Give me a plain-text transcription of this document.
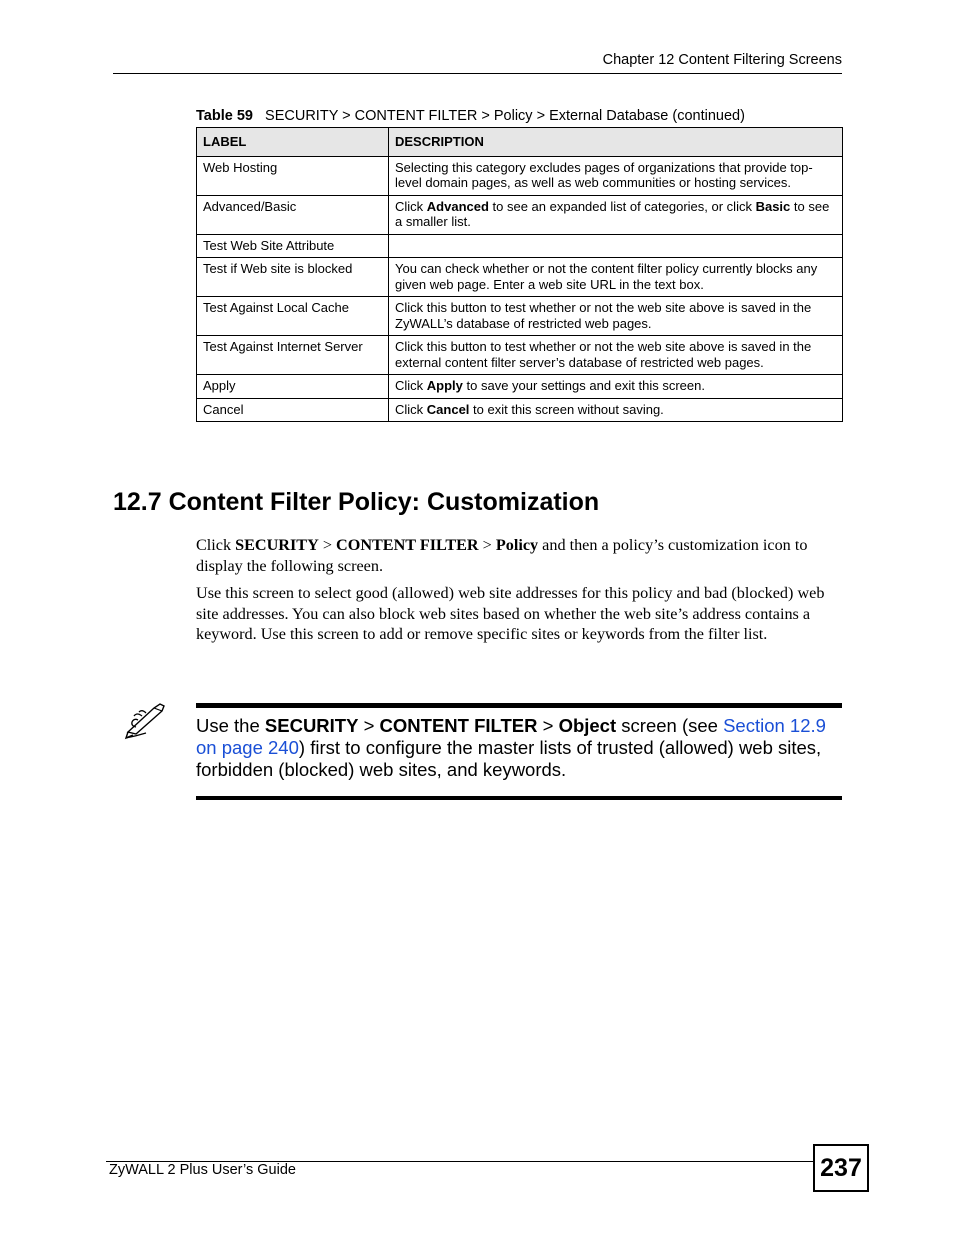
Chapter 12 Content Filtering Screens
Table 59 SECURITY > CONTENT FILTER > Policy > External Database (continued)
LABEL	DESCRIPTION
Web Hosting	Selecting this category excludes pages of organizations that provide top-level domain pages, as well as web communities or hosting services.
Advanced/Basic	Click Advanced to see an expanded list of categories, or click Basic to see a smaller list.
Test Web Site Attribute	
Test if Web site is blocked	You can check whether or not the content filter policy currently blocks any given web page. Enter a web site URL in the text box.
Test Against Local Cache	Click this button to test whether or not the web site above is saved in the ZyWALL’s database of restricted web pages.
Test Against Internet Server	Click this button to test whether or not the web site above is saved in the external content filter server’s database of restricted web pages.
Apply	Click Apply to save your settings and exit this screen.
Cancel	Click Cancel to exit this screen without saving.
12.7 Content Filter Policy: Customization
Click SECURITY > CONTENT FILTER > Policy and then a policy’s customization icon to display the following screen.
Use this screen to select good (allowed) web site addresses for this policy and bad (blocked) web site addresses. You can also block web sites based on whether the web site’s address contains a keyword. Use this screen to add or remove specific sites or keywords from the filter list.
Use the SECURITY > CONTENT FILTER > Object screen (see Section 12.9 on page 240) first to configure the master lists of trusted (allowed) web sites, forbidden (blocked) web sites, and keywords.
ZyWALL 2 Plus User’s Guide	237
